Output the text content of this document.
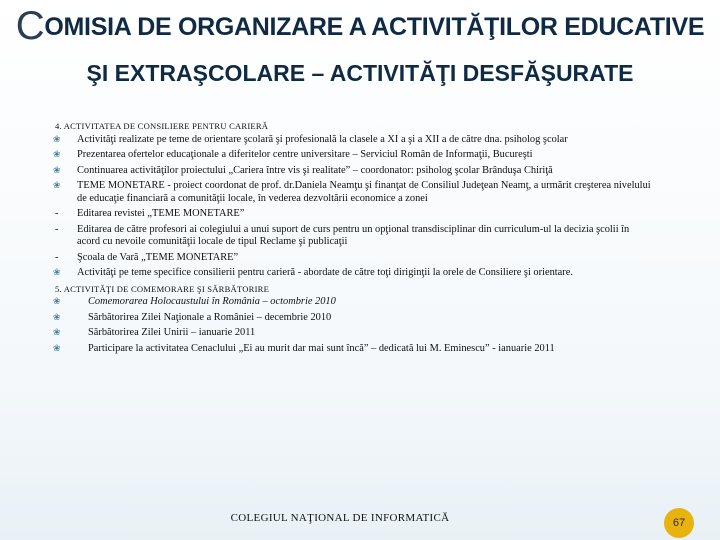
COMISIA DE ORGANIZARE A ACTIVITĂŢILOR EDUCATIVE
ŞI EXTRAŞCOLARE – ACTIVITĂŢI DESFĂŞURATE
4. ACTIVITATEA DE CONSILIERE PENTRU CARIERĂ
❀	Activităţi realizate pe teme de orientare şcolară şi profesională la clasele a XI a şi a XII a de către dna. psiholog şcolar
❀	Prezentarea ofertelor educaţionale a diferitelor centre universitare – Serviciul Român de Informaţii, Bucureşti
❀	Continuarea activităţilor proiectului „Cariera între vis şi realitate” – coordonator: psiholog şcolar Brânduşa Chiriţă
❀	TEME MONETARE - proiect coordonat de prof. dr.Daniela Neamţu şi finanţat de Consiliul Judeţean Neamţ, a urmărit creşterea nivelului de educaţie financiară a comunităţii locale, în vederea dezvoltării economice a zonei
-	Editarea revistei „TEME MONETARE”
-	Editarea de către profesori ai colegiului a unui suport de curs pentru un opţional transdisciplinar din curriculum-ul la decizia şcolii în acord cu nevoile comunităţii locale de tipul Reclame şi publicaţii
-	Şcoala de Vară „TEME MONETARE”
❀	Activităţi pe teme specifice consilierii pentru carieră - abordate de către toţi diriginţii la orele de Consiliere şi orientare.
5. ACTIVITĂŢI DE COMEMORARE ŞI SĂRBĂTORIRE
❀	Comemorarea Holocaustului în România – octombrie 2010
❀	Sărbătorirea Zilei Naţionale a României – decembrie 2010
❀	Sărbătorirea Zilei Unirii – ianuarie 2011
❀	Participare la activitatea Cenaclului „Ei au murit dar mai sunt încă” – dedicată lui M. Eminescu” - ianuarie 2011
COLEGIUL NAŢIONAL DE INFORMATICĂ	67
